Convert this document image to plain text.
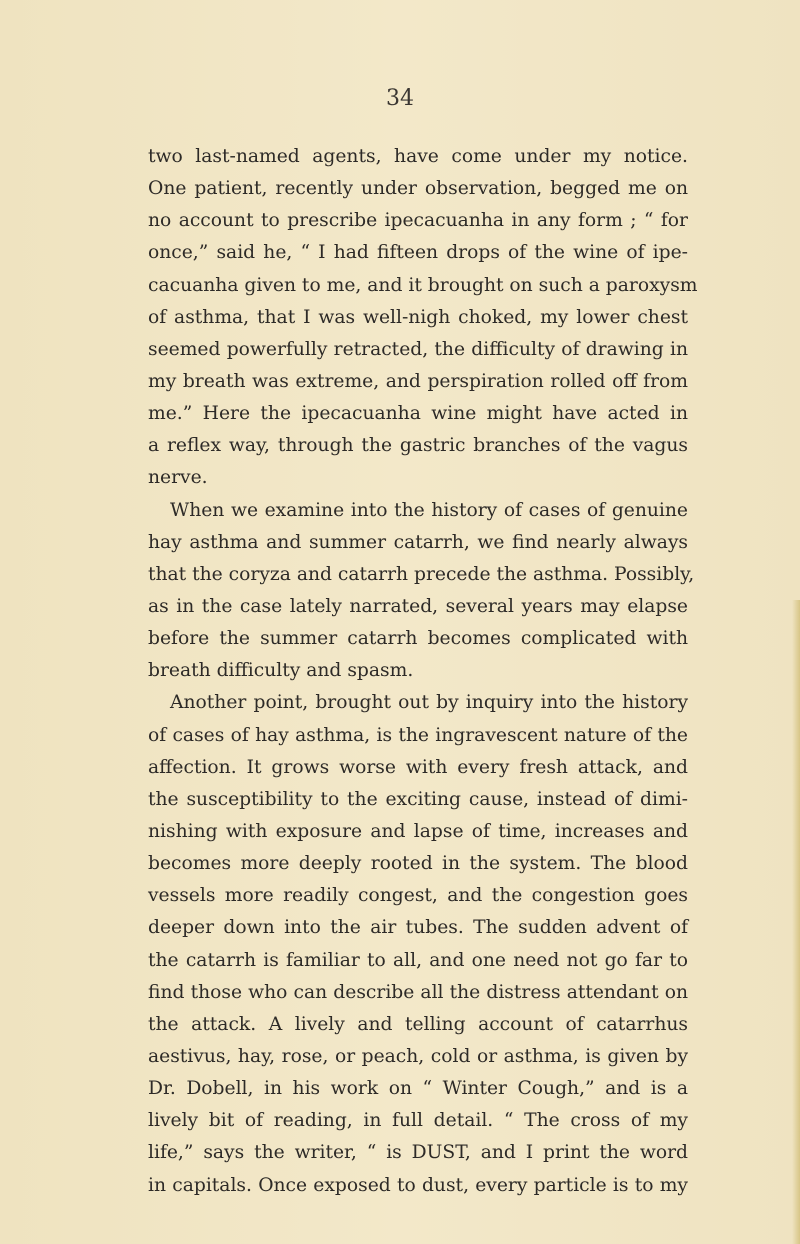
34
two last-named agents, have come under my notice.
One patient, recently under observation, begged me on
no account to prescribe ipecacuanha in any form ; “ for
once,” said he, “ I had fifteen drops of the wine of ipe-
cacuanha given to me, and it brought on such a paroxysm
of asthma, that I was well-nigh choked, my lower chest
seemed powerfully retracted, the difficulty of drawing in
my breath was extreme, and perspiration rolled off from
me.” Here the ipecacuanha wine might have acted in
a reflex way, through the gastric branches of the vagus
nerve.
When we examine into the history of cases of genuine
hay asthma and summer catarrh, we find nearly always
that the coryza and catarrh precede the asthma. Possibly,
as in the case lately narrated, several years may elapse
before the summer catarrh becomes complicated with
breath difficulty and spasm.
Another point, brought out by inquiry into the history
of cases of hay asthma, is the ingravescent nature of the
affection. It grows worse with every fresh attack, and
the susceptibility to the exciting cause, instead of dimi-
nishing with exposure and lapse of time, increases and
becomes more deeply rooted in the system. The blood
vessels more readily congest, and the congestion goes
deeper down into the air tubes. The sudden advent of
the catarrh is familiar to all, and one need not go far to
find those who can describe all the distress attendant on
the attack. A lively and telling account of catarrhus
aestivus, hay, rose, or peach, cold or asthma, is given by
Dr. Dobell, in his work on “ Winter Cough,” and is a
lively bit of reading, in full detail. “ The cross of my
life,” says the writer, “ is DUST, and I print the word
in capitals. Once exposed to dust, every particle is to my
